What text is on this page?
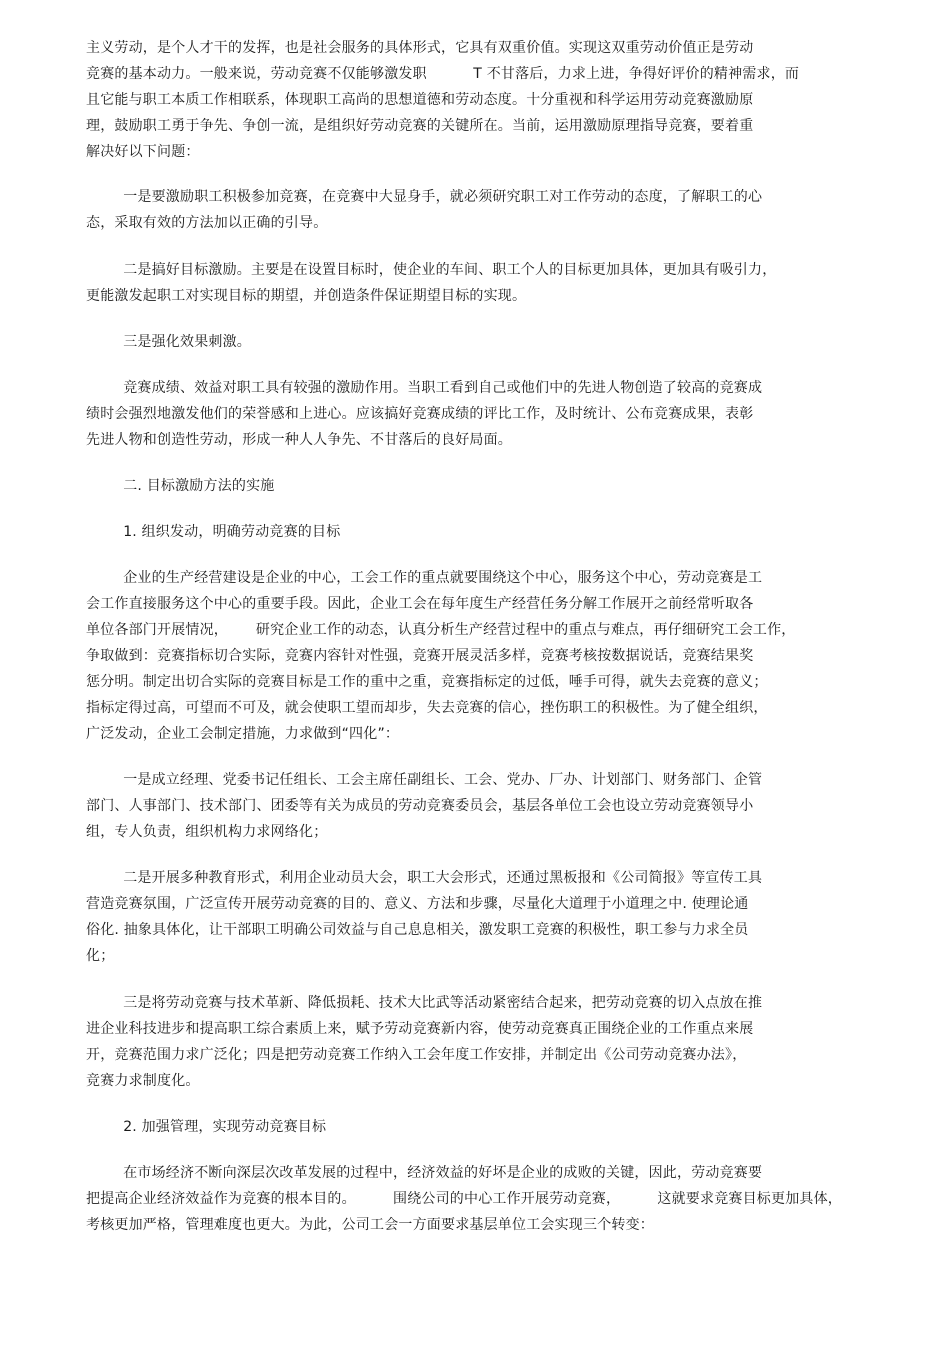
主义劳动，是个人才干的发挥，也是社会服务的具体形式，它具有双重价值。实现这双重劳动价值正是劳动
竞赛的基本动力。一般来说，劳动竞赛不仅能够激发职          T 不甘落后，力求上进，争得好评价的精神需求，而
且它能与职工本质工作相联系，体现职工高尚的思想道德和劳动态度。十分重视和科学运用劳动竞赛激励原
理，鼓励职工勇于争先、争创一流，是组织好劳动竞赛的关键所在。当前，运用激励原理指导竞赛，要着重
解决好以下问题：
一是要激励职工积极参加竞赛，在竞赛中大显身手，就必须研究职工对工作劳动的态度，了解职工的心
态，采取有效的方法加以正确的引导。
二是搞好目标激励。主要是在设置目标时，使企业的车间、职工个人的目标更加具体，更加具有吸引力，
更能激发起职工对实现目标的期望，并创造条件保证期望目标的实现。
三是强化效果刺激。
竞赛成绩、效益对职工具有较强的激励作用。当职工看到自己或他们中的先进人物创造了较高的竞赛成
绩时会强烈地激发他们的荣誉感和上进心。应该搞好竞赛成绩的评比工作，及时统计、公布竞赛成果，表彰
先进人物和创造性劳动，形成一种人人争先、不甘落后的良好局面。
二. 目标激励方法的实施
1. 组织发动，明确劳动竞赛的目标
企业的生产经营建设是企业的中心，工会工作的重点就要围绕这个中心，服务这个中心，劳动竞赛是工
会工作直接服务这个中心的重要手段。因此，企业工会在每年度生产经营任务分解工作展开之前经常听取各
单位各部门开展情况，      研究企业工作的动态，认真分析生产经营过程中的重点与难点，再仔细研究工会工作，
争取做到：竞赛指标切合实际，竞赛内容针对性强，竞赛开展灵活多样，竞赛考核按数据说话，竞赛结果奖
惩分明。制定出切合实际的竞赛目标是工作的重中之重，竞赛指标定的过低，唾手可得，就失去竞赛的意义；
指标定得过高，可望而不可及，就会使职工望而却步，失去竞赛的信心，挫伤职工的积极性。为了健全组织，
广泛发动，企业工会制定措施，力求做到“四化”：
一是成立经理、党委书记任组长、工会主席任副组长、工会、党办、厂办、计划部门、财务部门、企管
部门、人事部门、技术部门、团委等有关为成员的劳动竞赛委员会，基层各单位工会也设立劳动竞赛领导小
组，专人负责，组织机构力求网络化；
二是开展多种教育形式，利用企业动员大会，职工大会形式，还通过黑板报和《公司简报》等宣传工具
营造竞赛氛围，广泛宣传开展劳动竞赛的目的、意义、方法和步骤，尽量化大道理于小道理之中. 使理论通
俗化. 抽象具体化，让干部职工明确公司效益与自己息息相关，激发职工竞赛的积极性，职工参与力求全员
化；
三是将劳动竞赛与技术革新、降低损耗、技术大比武等活动紧密结合起来，把劳动竞赛的切入点放在推
进企业科技进步和提高职工综合素质上来，赋予劳动竞赛新内容，使劳动竞赛真正围绕企业的工作重点来展
开，竞赛范围力求广泛化；四是把劳动竞赛工作纳入工会年度工作安排，并制定出《公司劳动竞赛办法》，
竞赛力求制度化。
2. 加强管理，实现劳动竞赛目标
在市场经济不断向深层次改革发展的过程中，经济效益的好坏是企业的成败的关键，因此，劳动竞赛要
把提高企业经济效益作为竞赛的根本目的。        围绕公司的中心工作开展劳动竞赛，        这就要求竞赛目标更加具体，
考核更加严格，管理难度也更大。为此，公司工会一方面要求基层单位工会实现三个转变：
